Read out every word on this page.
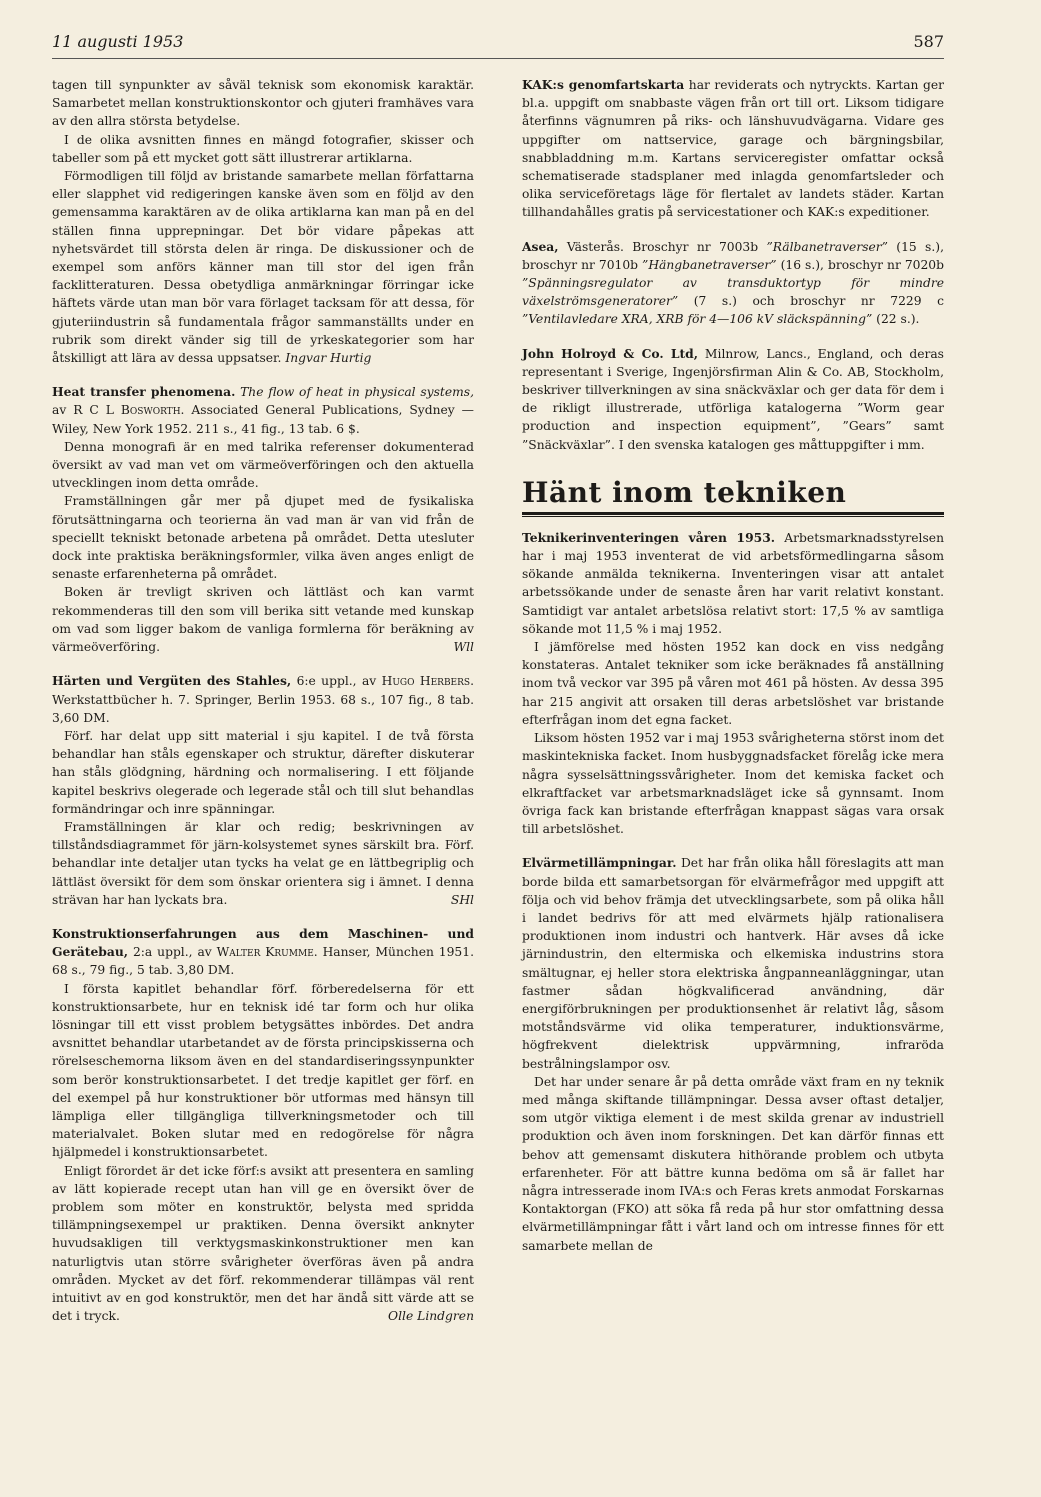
11 augusti 1953	587

tagen till synpunkter av såväl teknisk som ekonomisk karaktär. Samarbetet mellan konstruktionskontor och gjuteri framhäves vara av den allra största betydelse.

I de olika avsnitten finnes en mängd fotografier, skisser och tabeller som på ett mycket gott sätt illustrerar artiklarna.

Förmodligen till följd av bristande samarbete mellan författarna eller slapphet vid redigeringen kanske även som en följd av den gemensamma karaktären av de olika artiklarna kan man på en del ställen finna upprepningar. Det bör vidare påpekas att nyhetsvärdet till största delen är ringa. De diskussioner och de exempel som anförs känner man till stor del igen från facklitteraturen. Dessa obetydliga anmärkningar förringar icke häftets värde utan man bör vara förlaget tacksam för att dessa, för gjuteriindustrin så fundamentala frågor sammanställts under en rubrik som direkt vänder sig till de yrkeskategorier som har åtskilligt att lära av dessa uppsatser. Ingvar Hurtig

Heat transfer phenomena. The flow of heat in physical systems, av R C L Bosworth. Associated General Publications, Sydney — Wiley, New York 1952. 211 s., 41 fig., 13 tab. 6 $.

Denna monografi är en med talrika referenser dokumenterad översikt av vad man vet om värmeöverföringen och den aktuella utvecklingen inom detta område.

Framställningen går mer på djupet med de fysikaliska förutsättningarna och teorierna än vad man är van vid från de speciellt tekniskt betonade arbetena på området. Detta utesluter dock inte praktiska beräkningsformler, vilka även anges enligt de senaste erfarenheterna på området.

Boken är trevligt skriven och lättläst och kan varmt rekommenderas till den som vill berika sitt vetande med kunskap om vad som ligger bakom de vanliga formlerna för beräkning av värmeöverföring.	Wll

Härten und Vergüten des Stahles, 6:e uppl., av Hugo Herbers. Werkstattbücher h. 7. Springer, Berlin 1953. 68 s., 107 fig., 8 tab. 3,60 DM.

Förf. har delat upp sitt material i sju kapitel. I de två första behandlar han ståls egenskaper och struktur, därefter diskuterar han ståls glödgning, härdning och normalisering. I ett följande kapitel beskrivs olegerade och legerade stål och till slut behandlas formändringar och inre spänningar.

Framställningen är klar och redig; beskrivningen av tillståndsdiagrammet för järn-kolsystemet synes särskilt bra. Förf. behandlar inte detaljer utan tycks ha velat ge en lättbegriplig och lättläst översikt för dem som önskar orientera sig i ämnet. I denna strävan har han lyckats bra.	SHl

Konstruktionserfahrungen aus dem Maschinen- und Gerätebau, 2:a uppl., av Walter Krumme. Hanser, München 1951. 68 s., 79 fig., 5 tab. 3,80 DM.

I första kapitlet behandlar förf. förberedelserna för ett konstruktionsarbete, hur en teknisk idé tar form och hur olika lösningar till ett visst problem betygsättes inbördes. Det andra avsnittet behandlar utarbetandet av de första principskisserna och rörelseschemorna liksom även en del standardiseringssynpunkter som berör konstruktionsarbetet. I det tredje kapitlet ger förf. en del exempel på hur konstruktioner bör utformas med hänsyn till lämpliga eller tillgängliga tillverkningsmetoder och till materialvalet. Boken slutar med en redogörelse för några hjälpmedel i konstruktionsarbetet.

Enligt förordet är det icke förf:s avsikt att presentera en samling av lätt kopierade recept utan han vill ge en översikt över de problem som möter en konstruktör, belysta med spridda tillämpningsexempel ur praktiken. Denna översikt anknyter huvudsakligen till verktygsmaskinkonstruktioner men kan naturligtvis utan större svårigheter överföras även på andra områden. Mycket av det förf. rekommenderar tillämpas väl rent intuitivt av en god konstruktör, men det har ändå sitt värde att se det i tryck.	Olle Lindgren

KAK:s genomfartskarta har reviderats och nytryckts. Kartan ger bl.a. uppgift om snabbaste vägen från ort till ort. Liksom tidigare återfinns vägnumren på riks- och länshuvudvägarna. Vidare ges uppgifter om nattservice, garage och bärgningsbilar, snabbladdning m.m. Kartans serviceregister omfattar också schematiserade stadsplaner med inlagda genomfartsleder och olika serviceföretags läge för flertalet av landets städer. Kartan tillhandahålles gratis på servicestationer och KAK:s expeditioner.

Asea, Västerås. Broschyr nr 7003b ”Rälbanetraverser” (15 s.), broschyr nr 7010b ”Hängbanetraverser” (16 s.), broschyr nr 7020b ”Spänningsregulator av transduktortyp för mindre växelströmsgeneratorer” (7 s.) och broschyr nr 7229 c ”Ventilavledare XRA, XRB för 4—106 kV släckspänning” (22 s.).

John Holroyd & Co. Ltd, Milnrow, Lancs., England, och deras representant i Sverige, Ingenjörsfirman Alin & Co. AB, Stockholm, beskriver tillverkningen av sina snäckväxlar och ger data för dem i de rikligt illustrerade, utförliga katalogerna ”Worm gear production and inspection equipment”, ”Gears” samt ”Snäckväxlar”. I den svenska katalogen ges måttuppgifter i mm.

Hänt inom tekniken

Teknikerinventeringen våren 1953. Arbetsmarknadsstyrelsen har i maj 1953 inventerat de vid arbetsförmedlingarna såsom sökande anmälda teknikerna. Inventeringen visar att antalet arbetssökande under de senaste åren har varit relativt konstant. Samtidigt var antalet arbetslösa relativt stort: 17,5 % av samtliga sökande mot 11,5 % i maj 1952.

I jämförelse med hösten 1952 kan dock en viss nedgång konstateras. Antalet tekniker som icke beräknades få anställning inom två veckor var 395 på våren mot 461 på hösten. Av dessa 395 har 215 angivit att orsaken till deras arbetslöshet var bristande efterfrågan inom det egna facket.

Liksom hösten 1952 var i maj 1953 svårigheterna störst inom det maskintekniska facket. Inom husbyggnadsfacket förelåg icke mera några sysselsättningssvårigheter. Inom det kemiska facket och elkraftfacket var arbetsmarknadsläget icke så gynnsamt. Inom övriga fack kan bristande efterfrågan knappast sägas vara orsak till arbetslöshet.

Elvärmetillämpningar. Det har från olika håll föreslagits att man borde bilda ett samarbetsorgan för elvärmefrågor med uppgift att följa och vid behov främja det utvecklingsarbete, som på olika håll i landet bedrivs för att med elvärmets hjälp rationalisera produktionen inom industri och hantverk. Här avses då icke järnindustrin, den eltermiska och elkemiska industrins stora smältugnar, ej heller stora elektriska ångpanneanläggningar, utan fastmer sådan högkvalificerad användning, där energiförbrukningen per produktionsenhet är relativt låg, såsom motståndsvärme vid olika temperaturer, induktionsvärme, högfrekvent dielektrisk uppvärmning, infraröda bestrålningslampor osv.

Det har under senare år på detta område växt fram en ny teknik med många skiftande tillämpningar. Dessa avser oftast detaljer, som utgör viktiga element i de mest skilda grenar av industriell produktion och även inom forskningen. Det kan därför finnas ett behov att gemensamt diskutera hithörande problem och utbyta erfarenheter. För att bättre kunna bedöma om så är fallet har några intresserade inom IVA:s och Feras krets anmodat Forskarnas Kontaktorgan (FKO) att söka få reda på hur stor omfattning dessa elvärmetillämpningar fått i vårt land och om intresse finnes för ett samarbete mellan de
